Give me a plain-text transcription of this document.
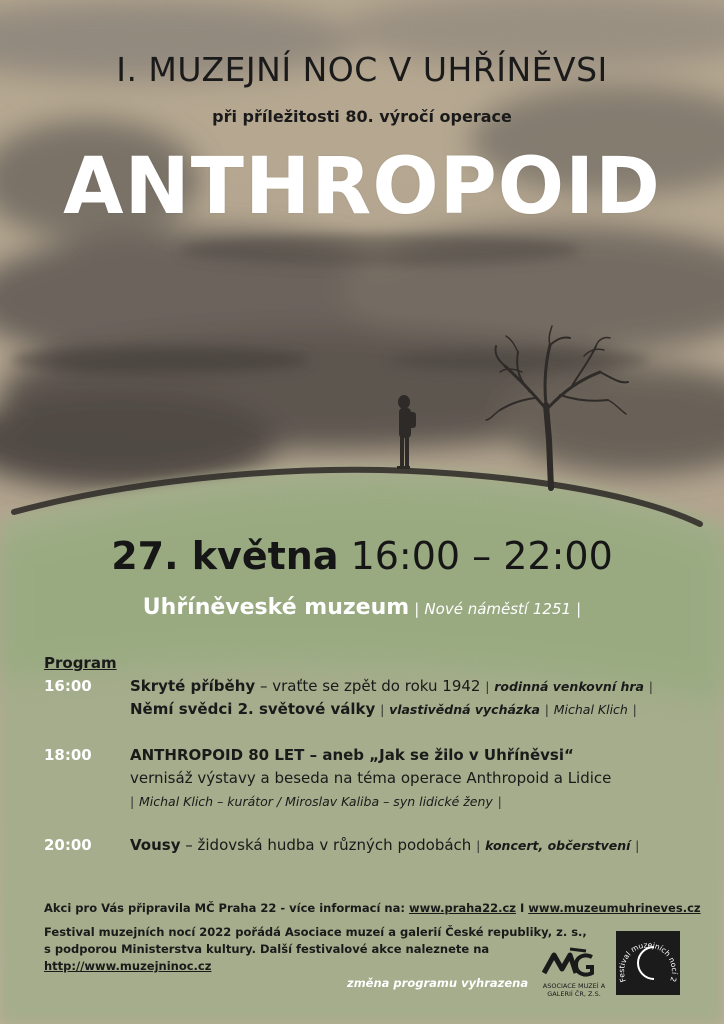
I. MUZEJNÍ NOC V UHŘÍNĚVSI
při příležitosti 80. výročí operace
ANTHROPOID
27. května 16:00 – 22:00
Uhříněveské muzeum | Nové náměstí 1251 |
Program
16:00	Skryté příběhy – vraťte se zpět do roku 1942 | rodinná venkovní hra |
Němí svědci 2. světové války | vlastivědná vycházka | Michal Klich |
18:00	ANTHROPOID 80 LET – aneb „Jak se žilo v Uhříněvsi“
vernisáž výstavy a beseda na téma operace Anthropoid a Lidice
| Michal Klich – kurátor / Miroslav Kaliba – syn lidické ženy |
20:00	Vousy – židovská hudba v různých podobách | koncert, občerstvení |
Akci pro Vás připravila MČ Praha 22 - více informací na: www.praha22.cz I www.muzeumuhrineves.cz
Festival muzejních nocí 2022 pořádá Asociace muzeí a galerií České republiky, z. s.,
s podporou Ministerstva kultury. Další festivalové akce naleznete na
http://www.muzejninoc.cz
změna programu vyhrazena ASOCIACE MUZEÍ A GALERIÍ ČR, Z.S.
Festival muzejních nocí 2
